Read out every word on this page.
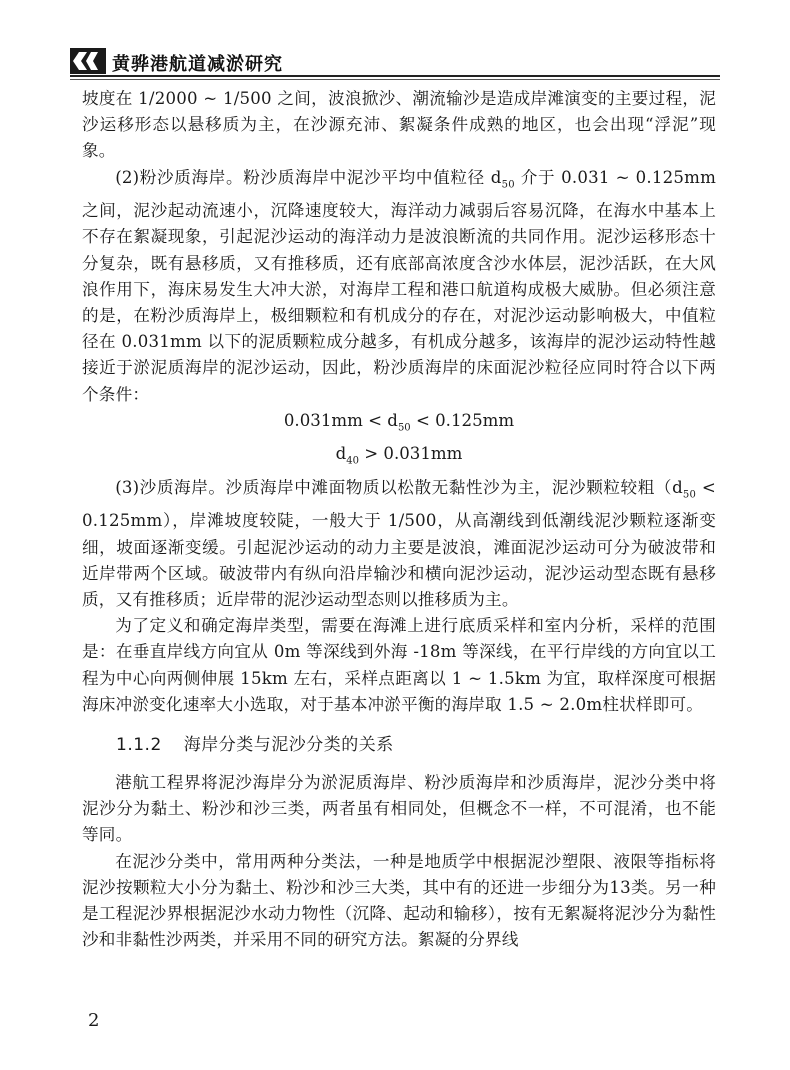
黄骅港航道减淤研究

坡度在 1/2000 ~ 1/500 之间，波浪掀沙、潮流输沙是造成岸滩演变的主要过程，泥沙运移形态以悬移质为主，在沙源充沛、絮凝条件成熟的地区，也会出现“浮泥”现象。

(2)粉沙质海岸。粉沙质海岸中泥沙平均中值粒径 $d_{50}$ 介于 0.031 ~ 0.125mm之间，泥沙起动流速小，沉降速度较大，海洋动力减弱后容易沉降，在海水中基本上不存在絮凝现象，引起泥沙运动的海洋动力是波浪断流的共同作用。泥沙运移形态十分复杂，既有悬移质，又有推移质，还有底部高浓度含沙水体层，泥沙活跃，在大风浪作用下，海床易发生大冲大淤，对海岸工程和港口航道构成极大威胁。但必须注意的是，在粉沙质海岸上，极细颗粒和有机成分的存在，对泥沙运动影响极大，中值粒径在 0.031mm 以下的泥质颗粒成分越多，有机成分越多，该海岸的泥沙运动特性越接近于淤泥质海岸的泥沙运动，因此，粉沙质海岸的床面泥沙粒径应同时符合以下两个条件：

$0.031mm < d_{50} < 0.125mm$
$d_{40} > 0.031mm$

(3)沙质海岸。沙质海岸中滩面物质以松散无黏性沙为主，泥沙颗粒较粗$(d_{50} < 0.125mm)$，岸滩坡度较陡，一般大于 1/500，从高潮线到低潮线泥沙颗粒逐渐变细，坡面逐渐变缓。引起泥沙运动的动力主要是波浪，滩面泥沙运动可分为破波带和近岸带两个区域。破波带内有纵向沿岸输沙和横向泥沙运动，泥沙运动型态既有悬移质，又有推移质；近岸带的泥沙运动型态则以推移质为主。

为了定义和确定海岸类型，需要在海滩上进行底质采样和室内分析，采样的范围是：在垂直岸线方向宜从 0m 等深线到外海 -18m 等深线，在平行岸线的方向宜以工程为中心向两侧伸展 15km 左右，采样点距离以 1 ~ 1.5km 为宜，取样深度可根据海床冲淤变化速率大小选取，对于基本冲淤平衡的海岸取 1.5 ~ 2.0m柱状样即可。

1.1.2 海岸分类与泥沙分类的关系

港航工程界将泥沙海岸分为淤泥质海岸、粉沙质海岸和沙质海岸，泥沙分类中将泥沙分为黏土、粉沙和沙三类，两者虽有相同处，但概念不一样，不可混淆，也不能等同。

在泥沙分类中，常用两种分类法，一种是地质学中根据泥沙塑限、液限等指标将泥沙按颗粒大小分为黏土、粉沙和沙三大类，其中有的还进一步细分为13类。另一种是工程泥沙界根据泥沙水动力物性（沉降、起动和输移），按有无絮凝将泥沙分为黏性沙和非黏性沙两类，并采用不同的研究方法。絮凝的分界线

2
